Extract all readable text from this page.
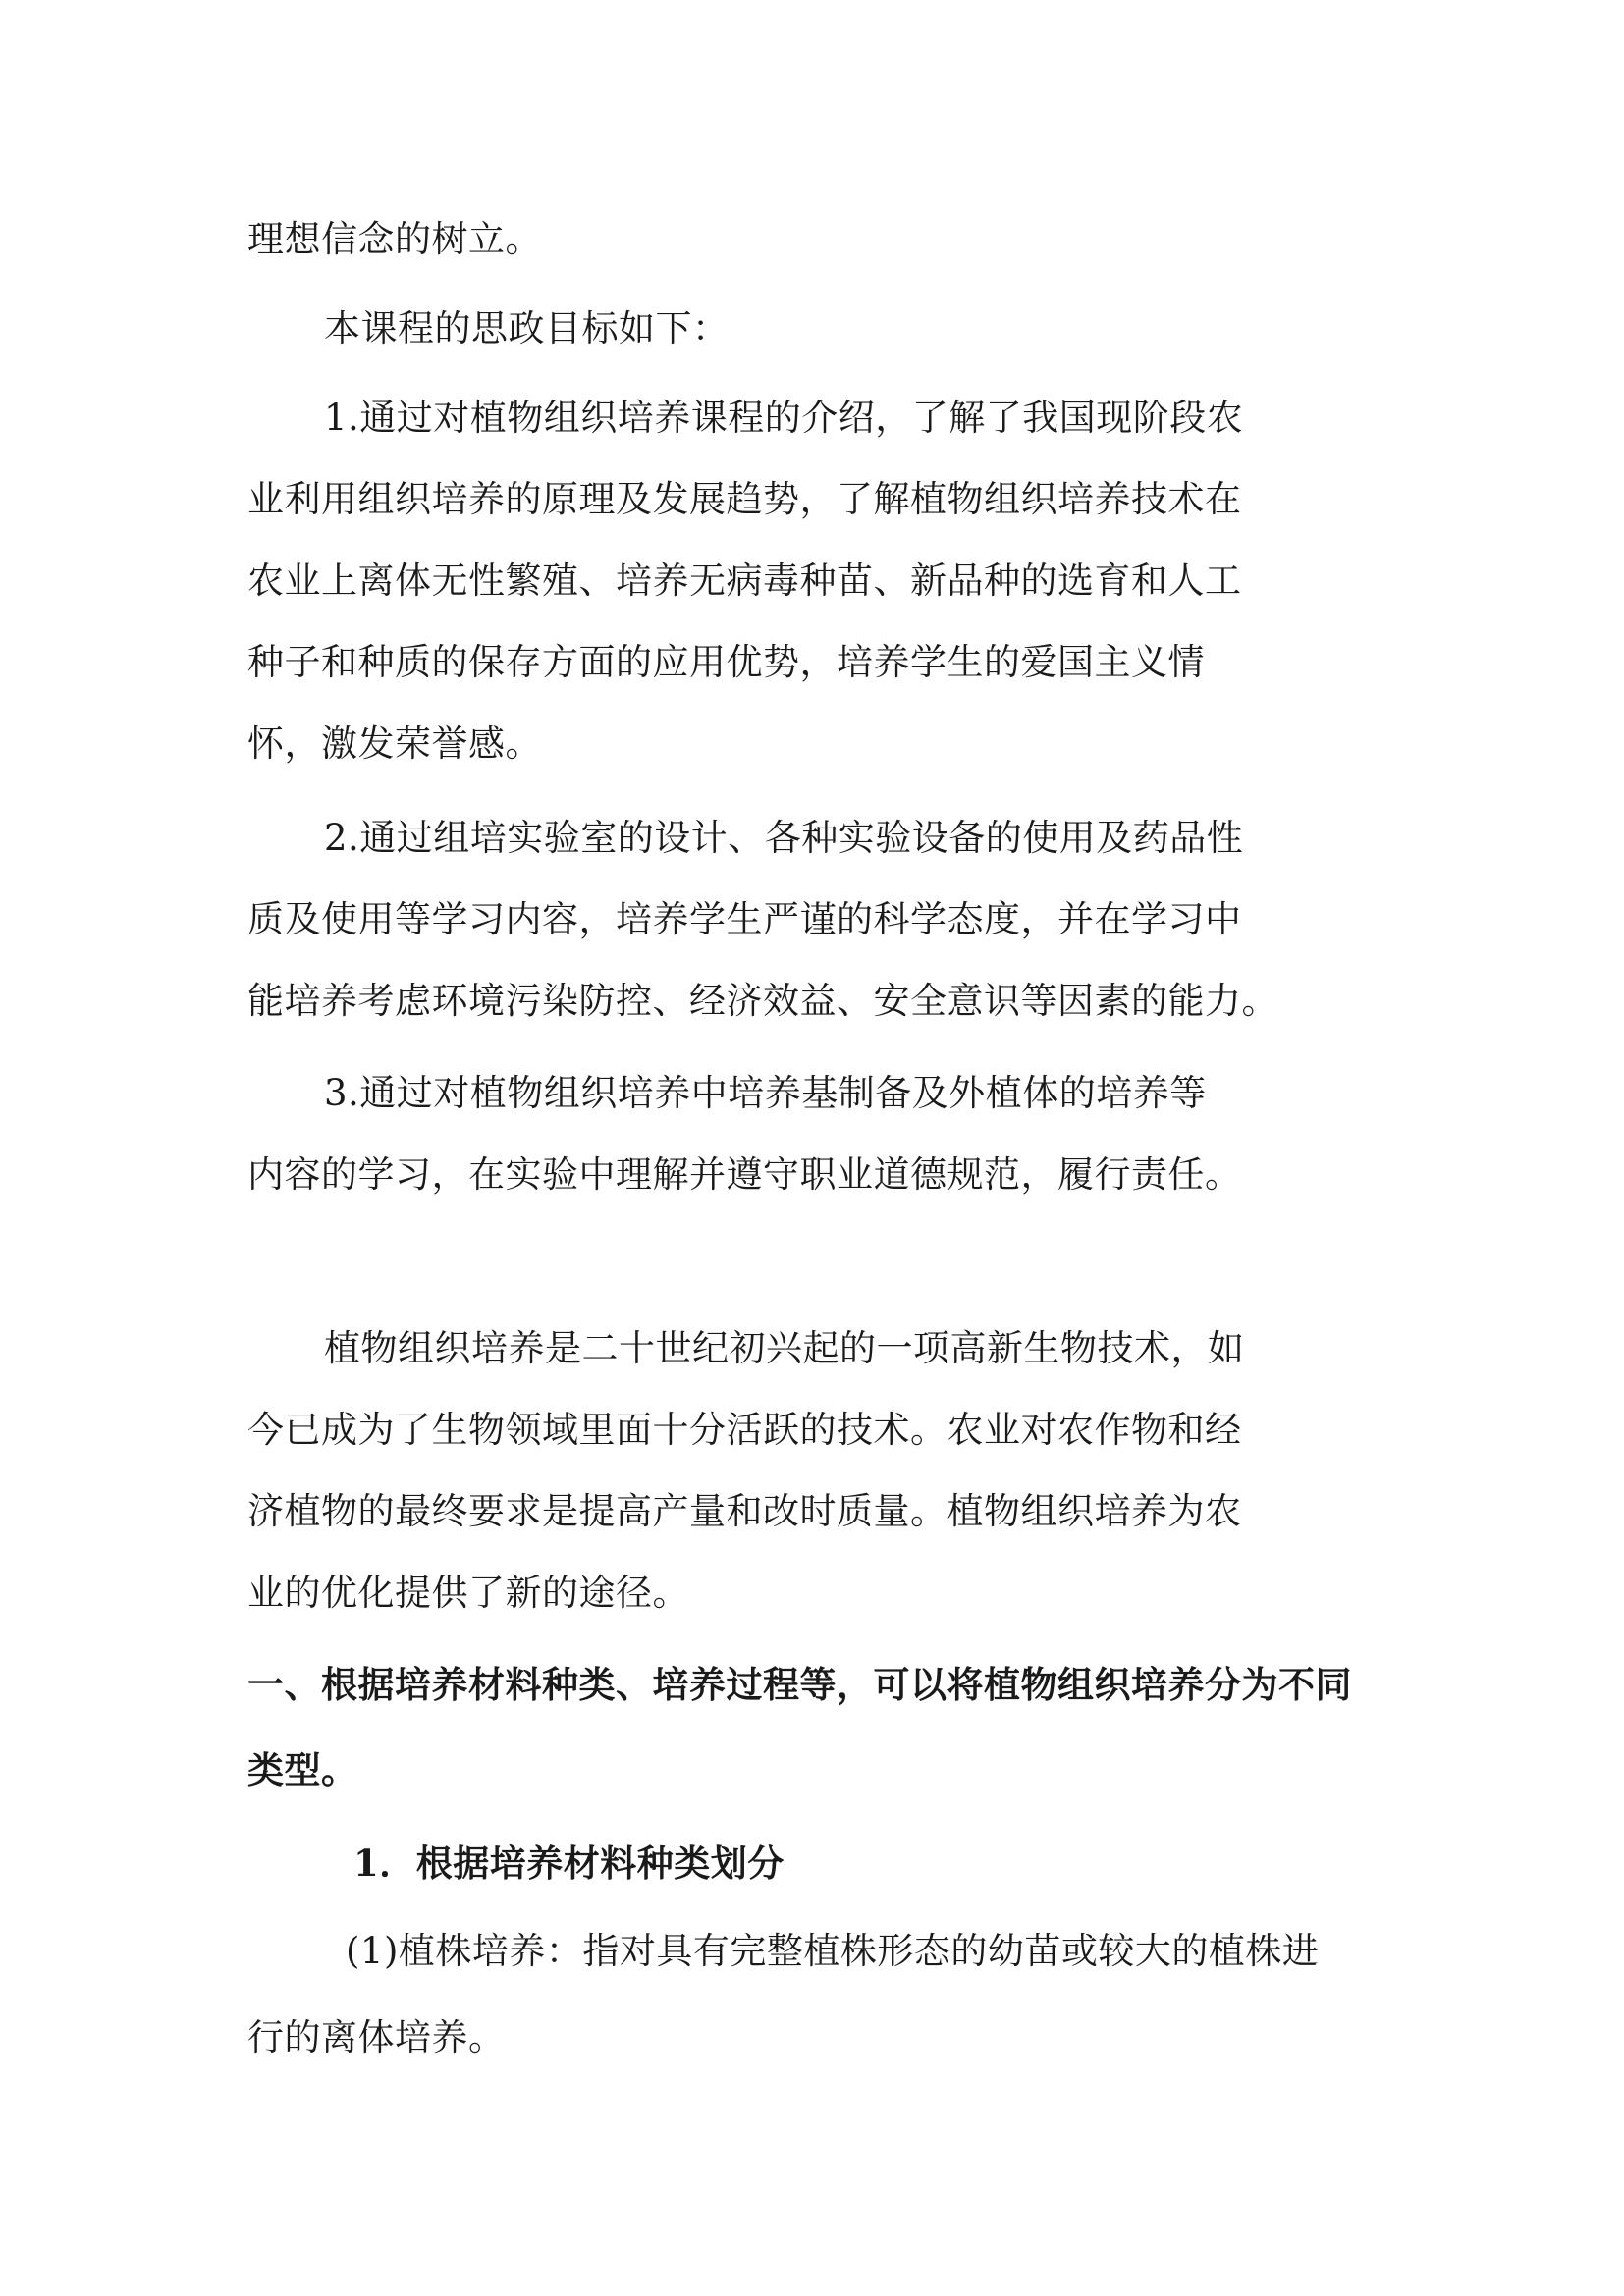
理想信念的树立。
本课程的思政目标如下：
1.通过对植物组织培养课程的介绍，了解了我国现阶段农
业利用组织培养的原理及发展趋势，了解植物组织培养技术在
农业上离体无性繁殖、培养无病毒种苗、新品种的选育和人工
种子和种质的保存方面的应用优势，培养学生的爱国主义情
怀，激发荣誉感。
2.通过组培实验室的设计、各种实验设备的使用及药品性
质及使用等学习内容，培养学生严谨的科学态度，并在学习中
能培养考虑环境污染防控、经济效益、安全意识等因素的能力。
3.通过对植物组织培养中培养基制备及外植体的培养等
内容的学习，在实验中理解并遵守职业道德规范，履行责任。
植物组织培养是二十世纪初兴起的一项高新生物技术，如
今已成为了生物领域里面十分活跃的技术。农业对农作物和经
济植物的最终要求是提高产量和改时质量。植物组织培养为农
业的优化提供了新的途径。
一、根据培养材料种类、培养过程等，可以将植物组织培养分为不同
类型。
1．根据培养材料种类划分
(1)植株培养：指对具有完整植株形态的幼苗或较大的植株进
行的离体培养。
